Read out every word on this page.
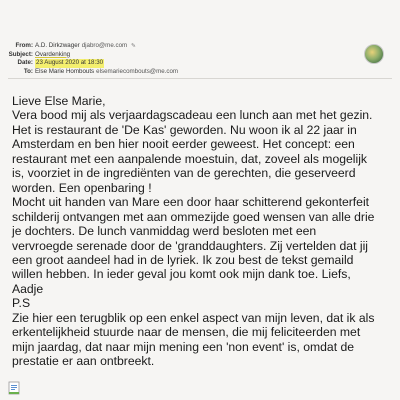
From: A.D. Dirkzwager djabro@me.com ✏
Subject: Ovardenking
Date: 23 August 2020 at 18:30
To: Else Marie Hombouts elsemariecombouts@me.com
Lieve Else Marie,
Vera bood mij als verjaardagscadeau een lunch aan met het gezin.
Het is restaurant de 'De Kas' geworden. Nu woon ik al 22 jaar in
Amsterdam en ben hier nooit eerder geweest. Het concept: een
restaurant met een aanpalende moestuin, dat, zoveel als mogelijk
is, voorziet in de ingrediënten van de gerechten, die geserveerd
worden. Een openbaring !
Mocht uit handen van Mare een door haar schitterend gekonterfeit
schilderij ontvangen met aan ommezijde goed wensen van alle drie
je dochters. De lunch vanmiddag werd besloten met een
vervroegde serenade door de 'granddaughters. Zij vertelden dat jij
een groot aandeel had in de lyriek. Ik zou best de tekst gemaild
willen hebben. In ieder geval jou komt ook mijn dank toe. Liefs,
Aadje
P.S
Zie hier een terugblik op een enkel aspect van mijn leven, dat ik als
erkentelijkheid stuurde naar de mensen, die mij feliciteerden met
mijn jaardag, dat naar mijn mening een 'non event' is, omdat de
prestatie er aan ontbreekt.
